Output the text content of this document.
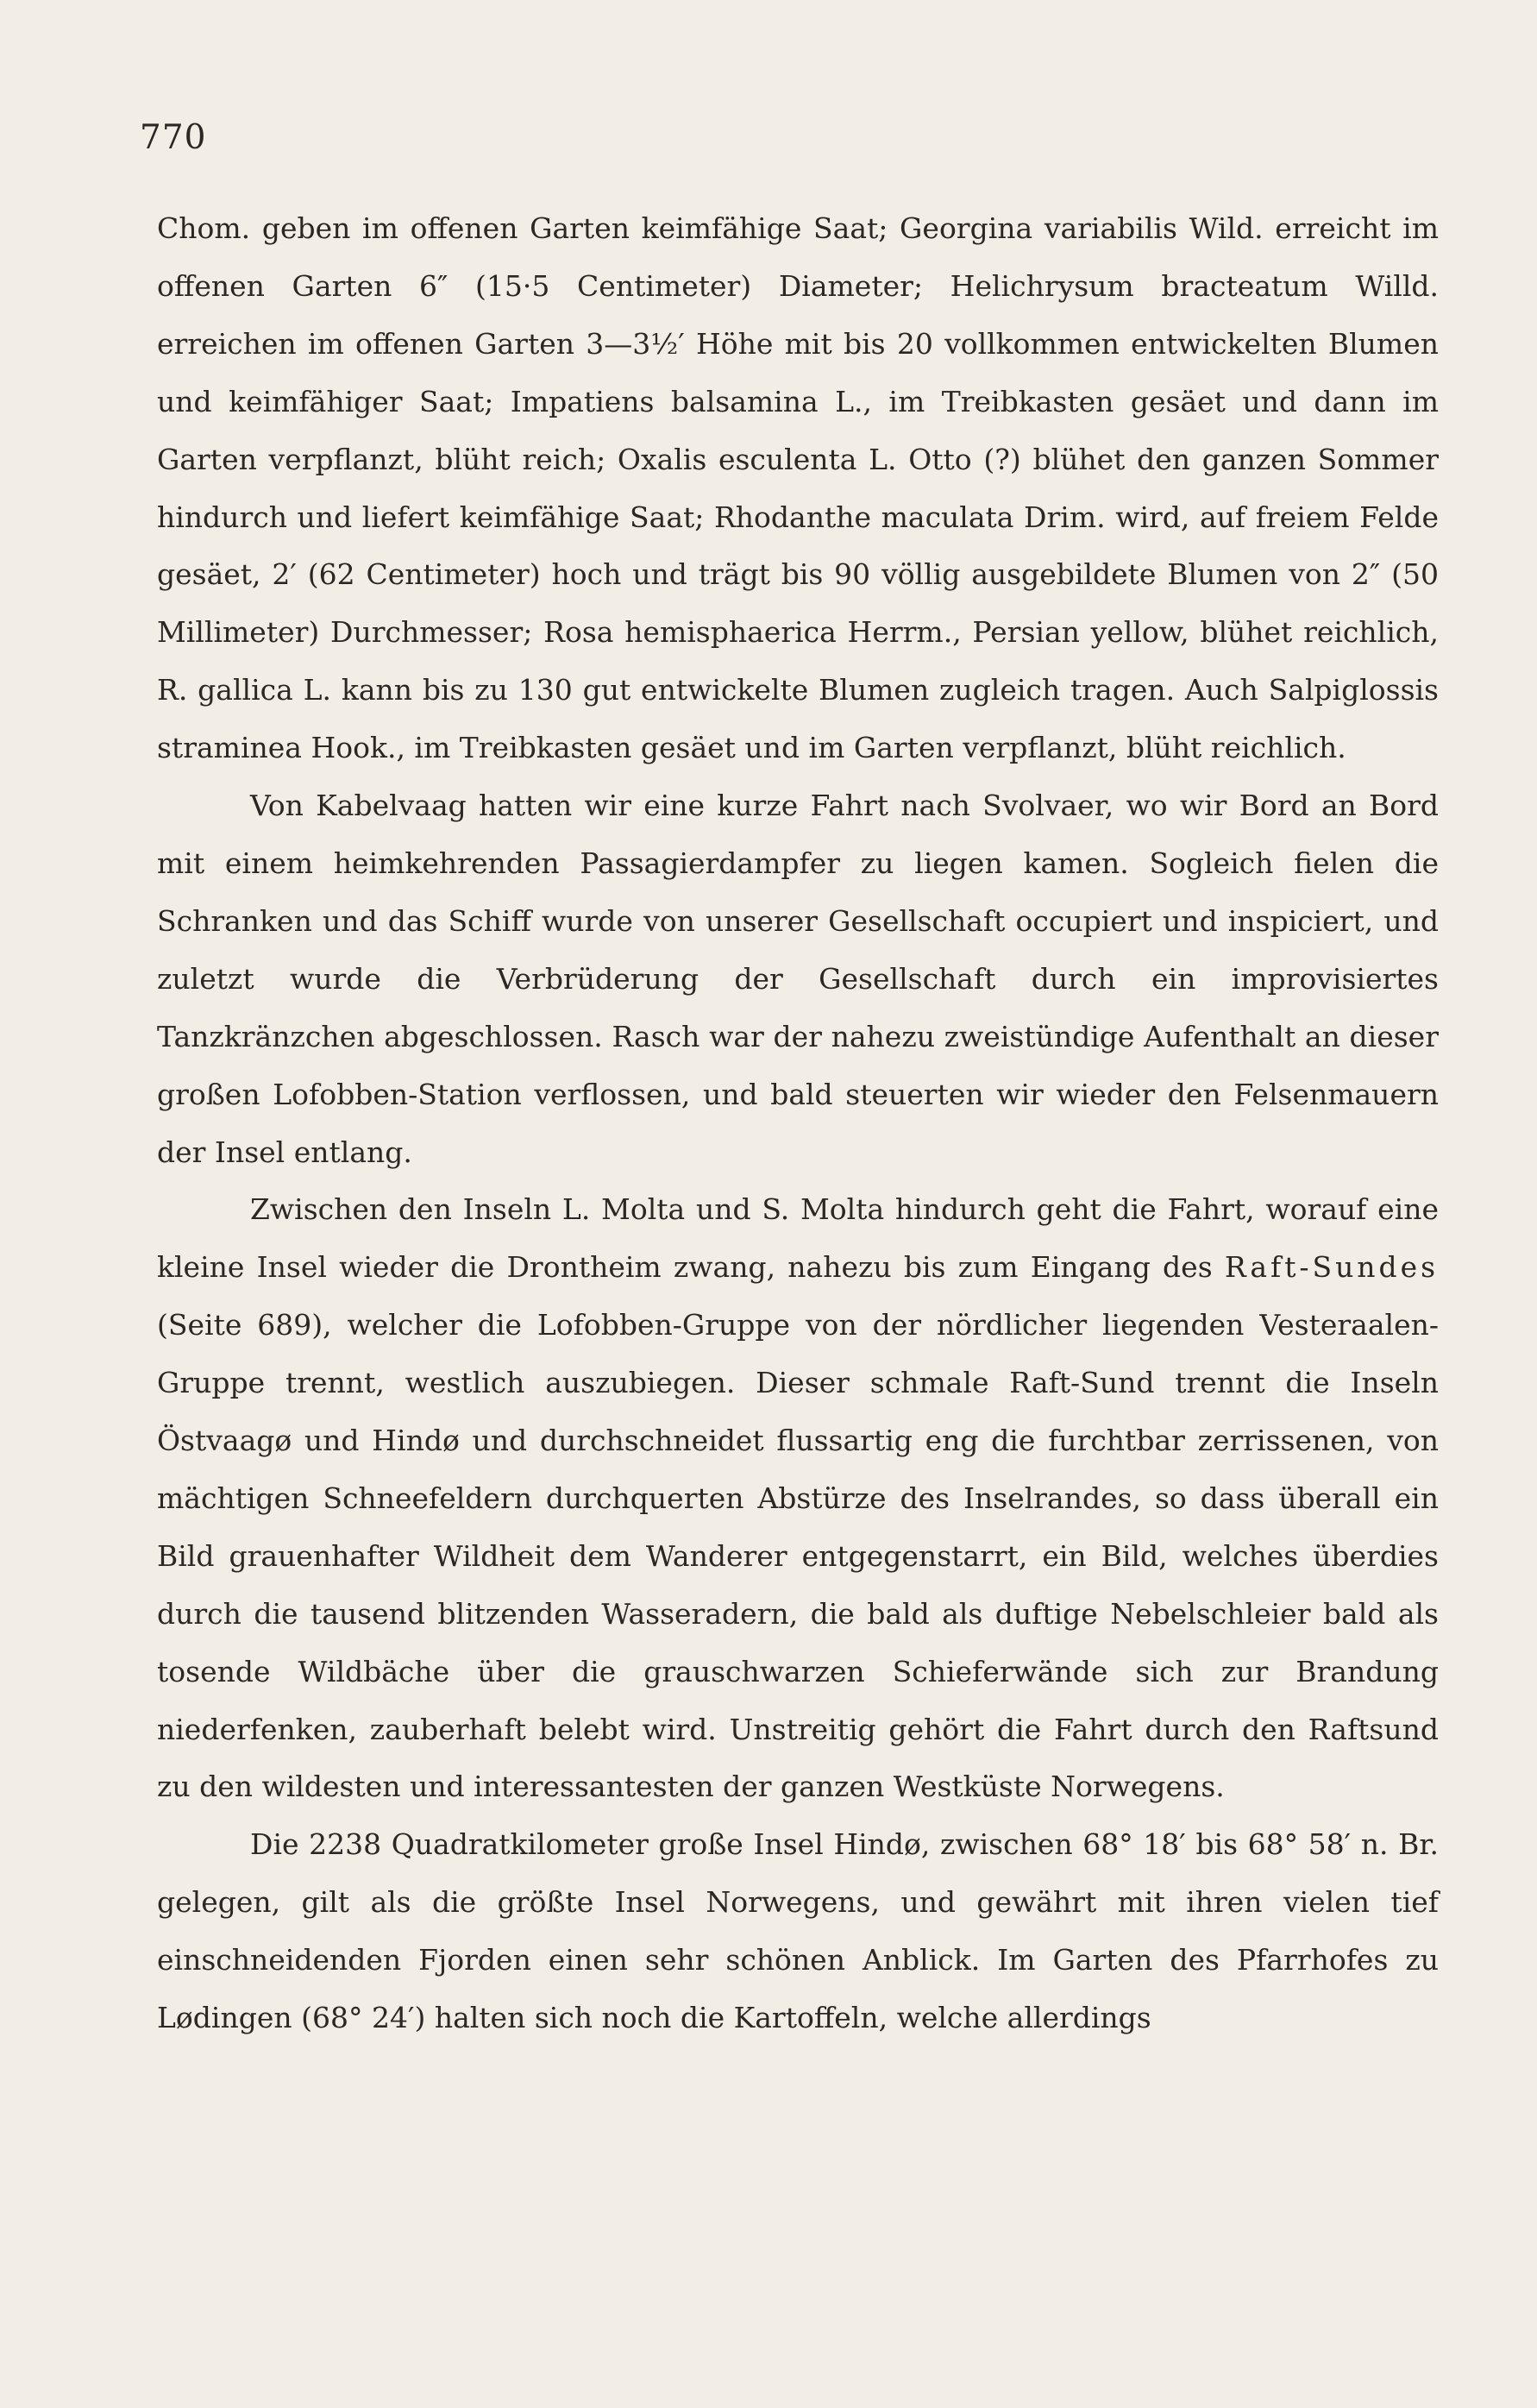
770

Chom. geben im offenen Garten keimfähige Saat; Georgina variabilis Wild. erreicht im offenen Garten 6″ (15·5 Centimeter) Diameter; Helichrysum bracteatum Willd. erreichen im offenen Garten 3—3½′ Höhe mit bis 20 vollkommen entwickelten Blumen und keimfähiger Saat; Impatiens balsamina L., im Treibkasten gesäet und dann im Garten verpflanzt, blüht reich; Oxalis esculenta L. Otto (?) blühet den ganzen Sommer hindurch und liefert keimfähige Saat; Rhodanthe maculata Drim. wird, auf freiem Felde gesäet, 2′ (62 Centimeter) hoch und trägt bis 90 völlig ausgebildete Blumen von 2″ (50 Millimeter) Durchmesser; Rosa hemisphaerica Herrm., Persian yellow, blühet reichlich, R. gallica L. kann bis zu 130 gut entwickelte Blumen zugleich tragen. Auch Salpiglossis straminea Hook., im Treibkasten gesäet und im Garten verpflanzt, blüht reichlich.

Von Kabelvaag hatten wir eine kurze Fahrt nach Svolvaer, wo wir Bord an Bord mit einem heimkehrenden Passagierdampfer zu liegen kamen. Sogleich fielen die Schranken und das Schiff wurde von unserer Gesellschaft occupiert und inspiciert, und zuletzt wurde die Verbrüderung der Gesellschaft durch ein improvisiertes Tanzkränzchen abgeschlossen. Rasch war der nahezu zweistündige Aufenthalt an dieser großen Lofobben-Station verflossen, und bald steuerten wir wieder den Felsenmauern der Insel entlang.

Zwischen den Inseln L. Molta und S. Molta hindurch geht die Fahrt, worauf eine kleine Insel wieder die Drontheim zwang, nahezu bis zum Eingang des Raft-Sundes (Seite 689), welcher die Lofobben-Gruppe von der nördlicher liegenden Vesteraalen-Gruppe trennt, westlich auszubiegen. Dieser schmale Raft-Sund trennt die Inseln Östvaagø und Hindø und durchschneidet flussartig eng die furchtbar zerrissenen, von mächtigen Schneefeldern durchquerten Abstürze des Inselrandes, so dass überall ein Bild grauenhafter Wildheit dem Wanderer entgegenstarrt, ein Bild, welches überdies durch die tausend blitzenden Wasseradern, die bald als duftige Nebelschleier bald als tosende Wildbäche über die grauschwarzen Schieferwände sich zur Brandung niederfenken, zauberhaft belebt wird. Unstreitig gehört die Fahrt durch den Raftsund zu den wildesten und interessantesten der ganzen Westküste Norwegens.

Die 2238 Quadratkilometer große Insel Hindø, zwischen 68° 18′ bis 68° 58′ n. Br. gelegen, gilt als die größte Insel Norwegens, und gewährt mit ihren vielen tief einschneidenden Fjorden einen sehr schönen Anblick. Im Garten des Pfarrhofes zu Lødingen (68° 24′) halten sich noch die Kartoffeln, welche allerdings
